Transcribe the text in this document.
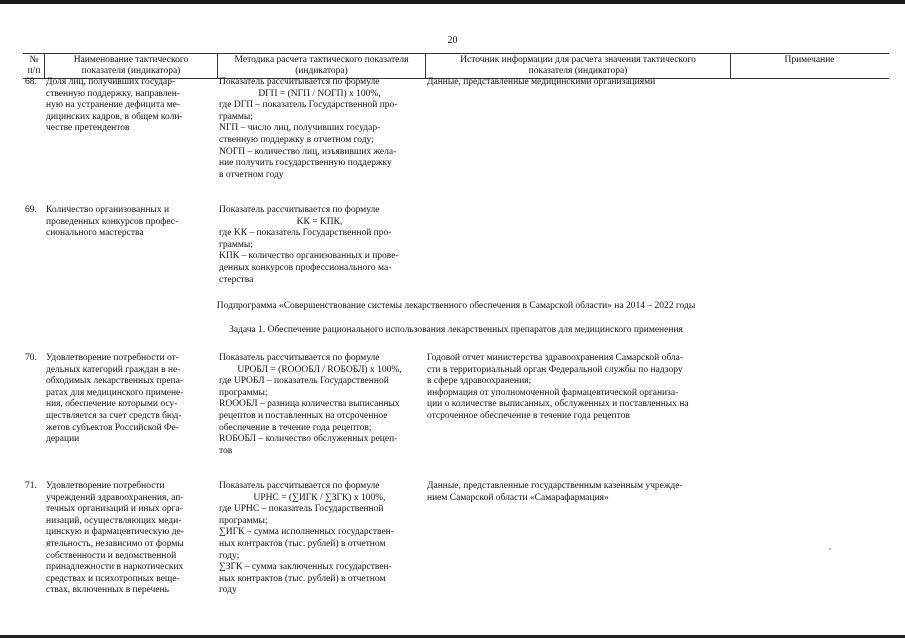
20
№
п/п
Наименование тактического
показателя (индикатора)
Методика расчета тактического показателя
(индикатора)
Источник информации для расчета значения тактического
показателя (индикатора)
Примечание
68. Доля лиц, получивших государ-
ственную поддержку, направлен-
ную на устранение дефицита ме-
дицинских кадров, в общем коли-
честве претендентов
Показатель рассчитывается по формуле
DГП = (NГП / NОГП) x 100%,
где DГП – показатель Государственной про-
граммы;
NГП – число лиц, получивших государ-
ственную поддержку в отчетном году;
NОГП – количество лиц, изъявивших жела-
ние получить государственную поддержку
в отчетном году
Данные, представленные медицинскими организациями
69. Количество организованных и
проведенных конкурсов профес-
сионального мастерства
Показатель рассчитывается по формуле
KК = KПК,
где KК – показатель Государственной про-
граммы;
KПК – количество организованных и прове-
денных конкурсов профессионального ма-
стерства
Подпрограмма «Совершенствование системы лекарственного обеспечения в Самарской области» на 2014 – 2022 годы
Задача 1. Обеспечение рационального использования лекарственных препаратов для медицинского применения
70. Удовлетворение потребности от-
дельных категорий граждан в не-
обходимых лекарственных препа-
ратах для медицинского примене-
ния, обеспечение которыми осу-
ществляется за счет средств бюд-
жетов субъектов Российской Фе-
дерации
Показатель рассчитывается по формуле
UPОБЛ = (RОООБЛ / RОБОБЛ) x 100%,
где UPОБЛ – показатель Государственной
программы;
RОООБЛ – разница количества выписанных
рецептов и поставленных на отсроченное
обеспечение в течение года рецептов;
RОБОБЛ – количество обслуженных рецеп-
тов
Годовой отчет министерства здравоохранения Самарской обла-
сти в территориальный орган Федеральной службы по надзору
в сфере здравоохранения;
информация от уполномоченной фармацевтической организа-
ции о количестве выписанных, обслуженных и поставленных на
отсроченное обеспечение в течение года рецептов
71. Удовлетворение потребности
учреждений здравоохранения, ап-
течных организаций и иных орга-
низаций, осуществляющих меди-
цинскую и фармацевтическую де-
ятельность, независимо от формы
собственности и ведомственной
принадлежности в наркотических
средствах и психотропных веще-
ствах, включенных в перечень
Показатель рассчитывается по формуле
UPНС = (∑ИГК / ∑ЗГК) x 100%,
где UPНС – показатель Государственной
программы;
∑ИГК – сумма исполненных государствен-
ных контрактов (тыс. рублей) в отчетном
году;
∑ЗГК – сумма заключенных государствен-
ных контрактов (тыс. рублей) в отчетном
году
Данные, представленные государственным казенным учрежде-
нием Самарской области «Самарафармация»
